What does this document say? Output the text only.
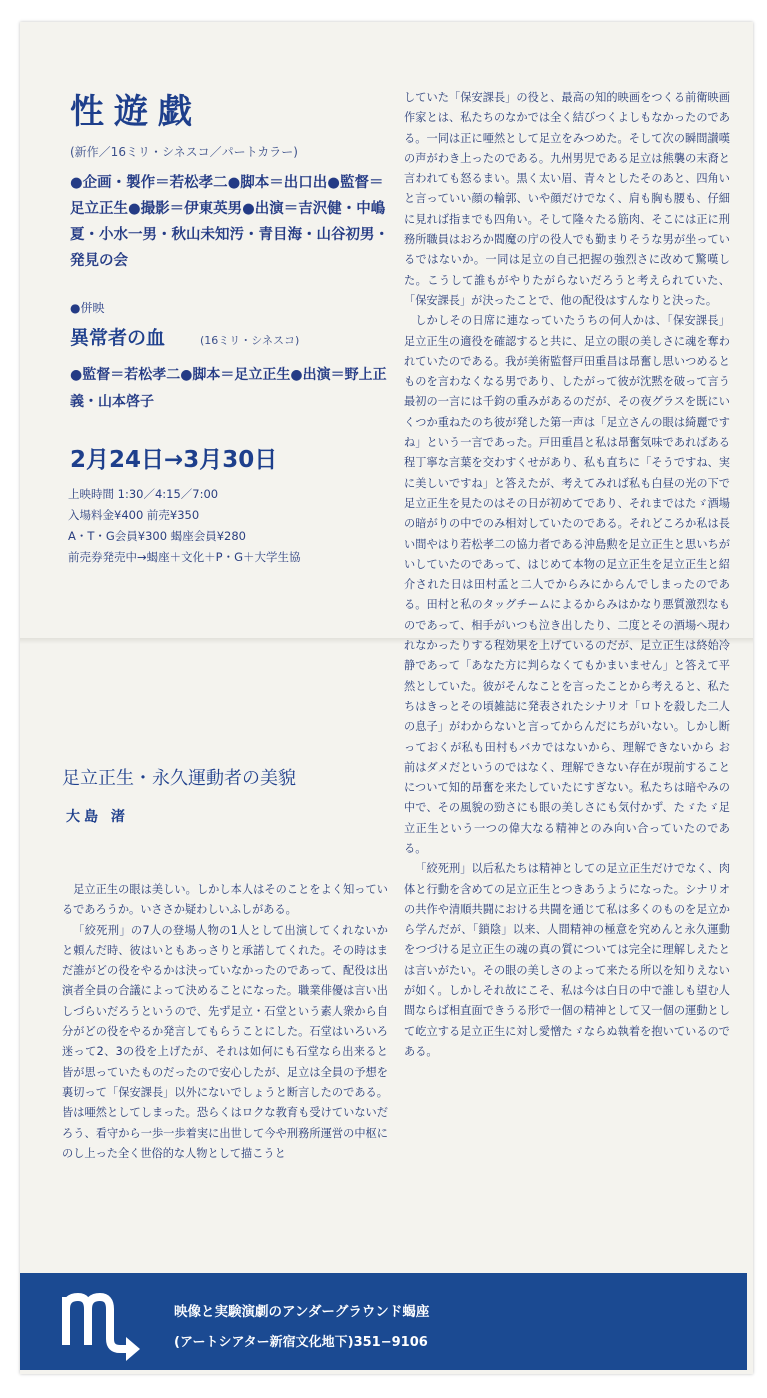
性遊戯
(新作／16ミリ・シネスコ／パートカラー)
●企画・製作＝若松孝二●脚本＝出口出●監督＝足立正生●撮影＝伊東英男●出演＝吉沢健・中嶋夏・小水一男・秋山未知汚・青目海・山谷初男・発見の会
●併映
異常者の血	(16ミリ・シネスコ)
●監督＝若松孝二●脚本＝足立正生●出演＝野上正義・山本啓子
2月24日→3月30日
上映時間 1:30／4:15／7:00
入場料金¥400 前売¥350
A・T・G会員¥300 蝎座会員¥280
前売券発売中→蝎座＋文化＋P・G＋大学生協

していた「保安課長」の役と、最高の知的映画をつくる前衛映画作家とは、私たちのなかでは全く結びつくよしもなかったのである。一同は正に唖然として足立をみつめた。そして次の瞬間讃嘆の声がわき上ったのである。九州男児である足立は熊襲の末裔と言われても怒るまい。黒く太い眉、青々としたそのあと、四角いと言っていい顔の輪郭、いや顔だけでなく、肩も胸も腰も、仔細に見れば指までも四角い。そして隆々たる筋肉、そこには正に刑務所職員はおろか閻魔の庁の役人でも勤まりそうな男が坐っているではないか。一同は足立の自己把握の強烈さに改めて驚嘆した。こうして誰もがやりたがらないだろうと考えられていた、「保安課長」が決ったことで、他の配役はすんなりと決った。

しかしその日席に連なっていたうちの何人かは、「保安課長」足立正生の適役を確認すると共に、足立の眼の美しさに魂を奪われていたのである。我が美術監督戸田重昌は昂奮し思いつめるとものを言わなくなる男であり、したがって彼が沈黙を破って言う最初の一言には千鈞の重みがあるのだが、その夜グラスを既にいくつか重ねたのち彼が発した第一声は「足立さんの眼は綺麗ですね」という一言であった。戸田重昌と私は昂奮気味であればある程丁寧な言葉を交わすくせがあり、私も直ちに「そうですね、実に美しいですね」と答えたが、考えてみれば私も白昼の光の下で足立正生を見たのはその日が初めてであり、それまではたゞ酒場の暗がりの中でのみ相対していたのである。それどころか私は長い間やはり若松孝二の協力者である沖島勲を足立正生と思いちがいしていたのであって、はじめて本物の足立正生を足立正生と紹介された日は田村孟と二人でからみにからんでしまったのである。田村と私のタッグチームによるからみはかなり悪質激烈なものであって、相手がいつも泣き出したり、二度とその酒場へ現われなかったりする程効果を上げているのだが、足立正生は終始冷静であって「あなた方に判らなくてもかまいません」と答えて平然としていた。彼がそんなことを言ったことから考えると、私たちはきっとその頃雑誌に発表されたシナリオ「ロトを殺した二人の息子」がわからないと言ってからんだにちがいない。しかし断っておくが私も田村もバカではないから、理解できないから お前はダメだというのではなく、理解できない存在が現前することについて知的昂奮を来たしていたにすぎない。私たちは暗やみの中で、その風貌の勁さにも眼の美しさにも気付かず、たゞたゞ足立正生という一つの偉大なる精神とのみ向い合っていたのである。

「絞死刑」以后私たちは精神としての足立正生だけでなく、肉体と行動を含めての足立正生とつきあうようになった。シナリオの共作や清順共闘における共闘を通じて私は多くのものを足立から学んだが、「鎖陰」以来、人間精神の極意を究めんと永久運動をつづける足立正生の魂の真の質については完全に理解しえたとは言いがたい。その眼の美しさのよって来たる所以を知りえないが如く。しかしそれ故にこそ、私は今は白日の中で誰しも望む人間ならば相直面できうる形で一個の精神として又一個の運動として屹立する足立正生に対し愛憎たゞならぬ執着を抱いているのである。

足立正生・永久運動者の美貌
大島 渚

足立正生の眼は美しい。しかし本人はそのことをよく知っているであろうか。いささか疑わしいふしがある。

「絞死刑」の7人の登場人物の1人として出演してくれないかと頼んだ時、彼はいともあっさりと承諾してくれた。その時はまだ誰がどの役をやるかは決っていなかったのであって、配役は出演者全員の合議によって決めることになった。職業俳優は言い出しづらいだろうというので、先ず足立・石堂という素人衆から自分がどの役をやるか発言してもらうことにした。石堂はいろいろ迷って2、3の役を上げたが、それは如何にも石堂なら出来ると皆が思っていたものだったので安心したが、足立は全員の予想を裏切って「保安課長」以外にないでしょうと断言したのである。皆は唖然としてしまった。恐らくはロクな教育も受けていないだろう、看守から一歩一歩着実に出世して今や刑務所運営の中枢にのし上った全く世俗的な人物として描こうと

映像と実験演劇のアンダーグラウンド蝎座
(アートシアター新宿文化地下)351−9106
